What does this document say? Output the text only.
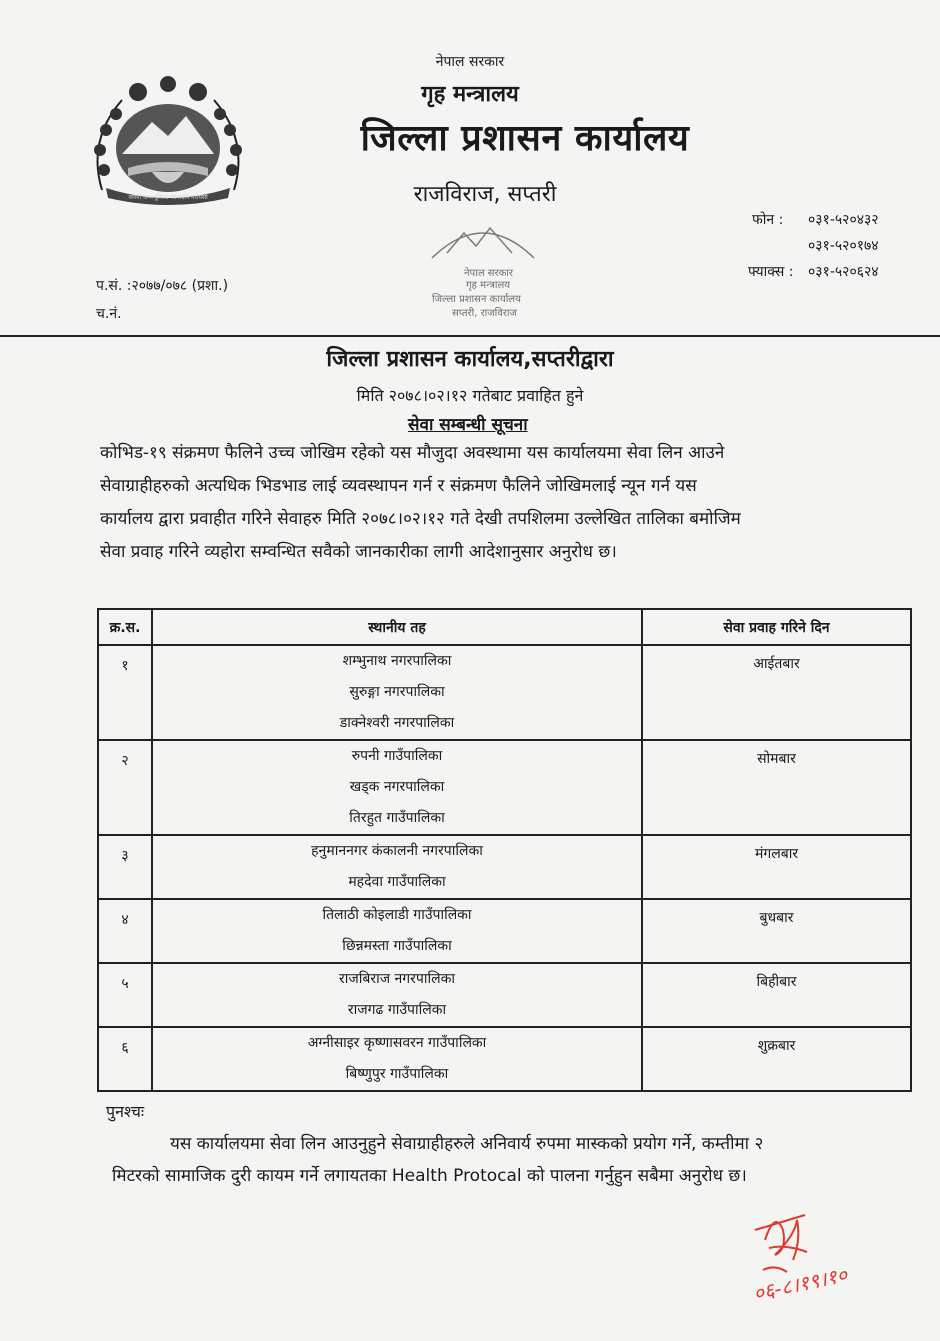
जननी जन्मभूमिश्च स्वर्गादपि गरीयसी
नेपाल सरकार
गृह मन्त्रालय
जिल्ला प्रशासन कार्यालय
राजविराज, सप्तरी
फोन : ०३१-५२०४३२
०३१-५२०१७४
फ्याक्स : ०३१-५२०६२४
नेपाल सरकार
गृह मन्त्रालय
जिल्ला प्रशासन कार्यालय
सप्तरी, राजविराज
प.सं. :२०७७/०७८ (प्रशा.)
च.नं.
जिल्ला प्रशासन कार्यालय,सप्तरीद्वारा
मिति २०७८।०२।१२ गतेबाट प्रवाहित हुने
सेवा सम्बन्धी सूचना
कोभिड-१९ संक्रमण फैलिने उच्च जोखिम रहेको यस मौजुदा अवस्थामा यस कार्यालयमा सेवा लिन आउने
सेवाग्राहीहरुको अत्यधिक भिडभाड लाई व्यवस्थापन गर्न र संक्रमण फैलिने जोखिमलाई न्यून गर्न यस
कार्यालय द्वारा प्रवाहीत गरिने सेवाहरु मिति २०७८।०२।१२ गते देखी तपशिलमा उल्लेखित तालिका बमोजिम
सेवा प्रवाह गरिने व्यहोरा सम्वन्धित सवैको जानकारीका लागी आदेशानुसार अनुरोध छ।
क्र.स.	स्थानीय तह	सेवा प्रवाह गरिने दिन
१	शम्भुनाथ नगरपालिका
सुरुङ्गा नगरपालिका
डाक्नेश्वरी नगरपालिका	आईतबार
२	रुपनी गाउँपालिका
खड्क नगरपालिका
तिरहुत गाउँपालिका	सोमबार
३	हनुमाननगर कंकालनी नगरपालिका
महदेवा गाउँपालिका	मंगलबार
४	तिलाठी कोइलाडी गाउँपालिका
छिन्नमस्ता गाउँपालिका	बुधबार
५	राजबिराज नगरपालिका
राजगढ गाउँपालिका	बिहीबार
६	अग्नीसाइर कृष्णासवरन गाउँपालिका
बिष्णुपुर गाउँपालिका	शुक्रबार
पुनश्चः
यस कार्यालयमा सेवा लिन आउनुहुने सेवाग्राहीहरुले अनिवार्य रुपमा मास्कको प्रयोग गर्ने, कम्तीमा २
मिटरको सामाजिक दुरी कायम गर्ने लगायतका Health Protocal को पालना गर्नुहुन सबैमा अनुरोध छ।
०६-८।१९।१०
